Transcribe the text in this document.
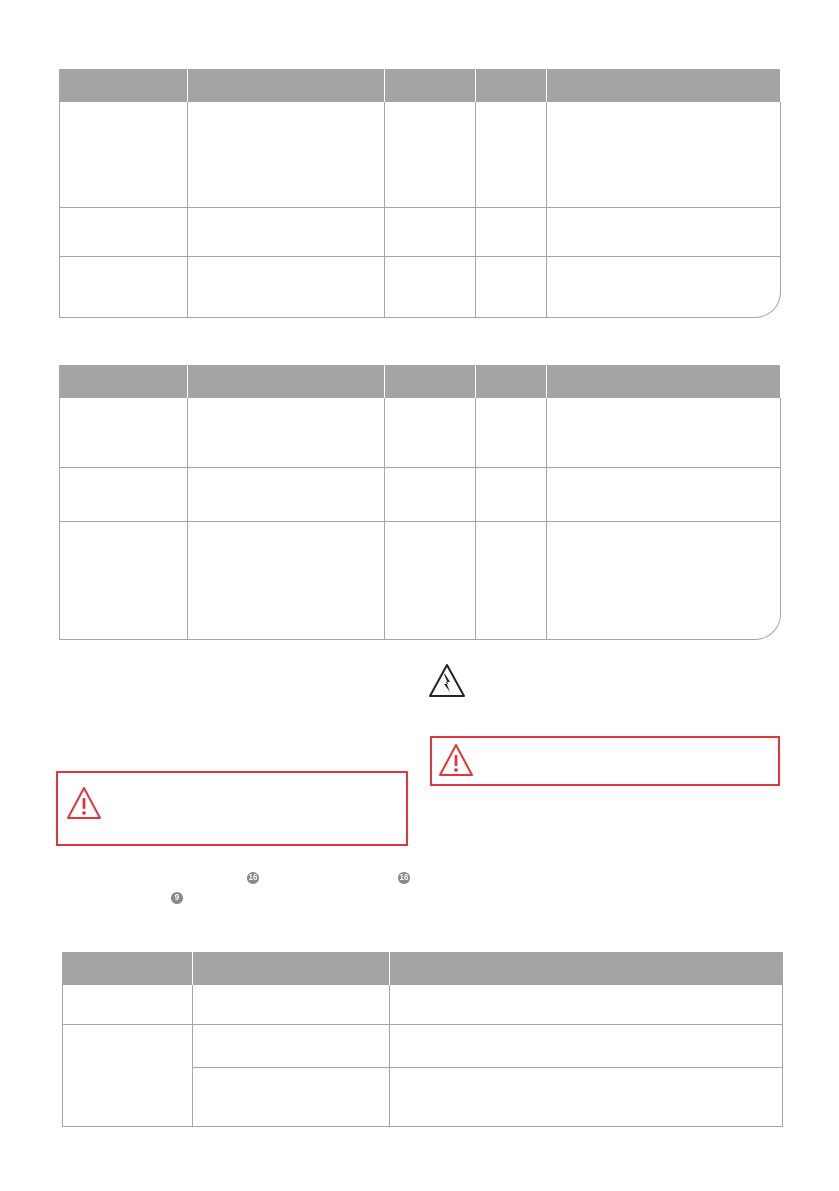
16	16
9
